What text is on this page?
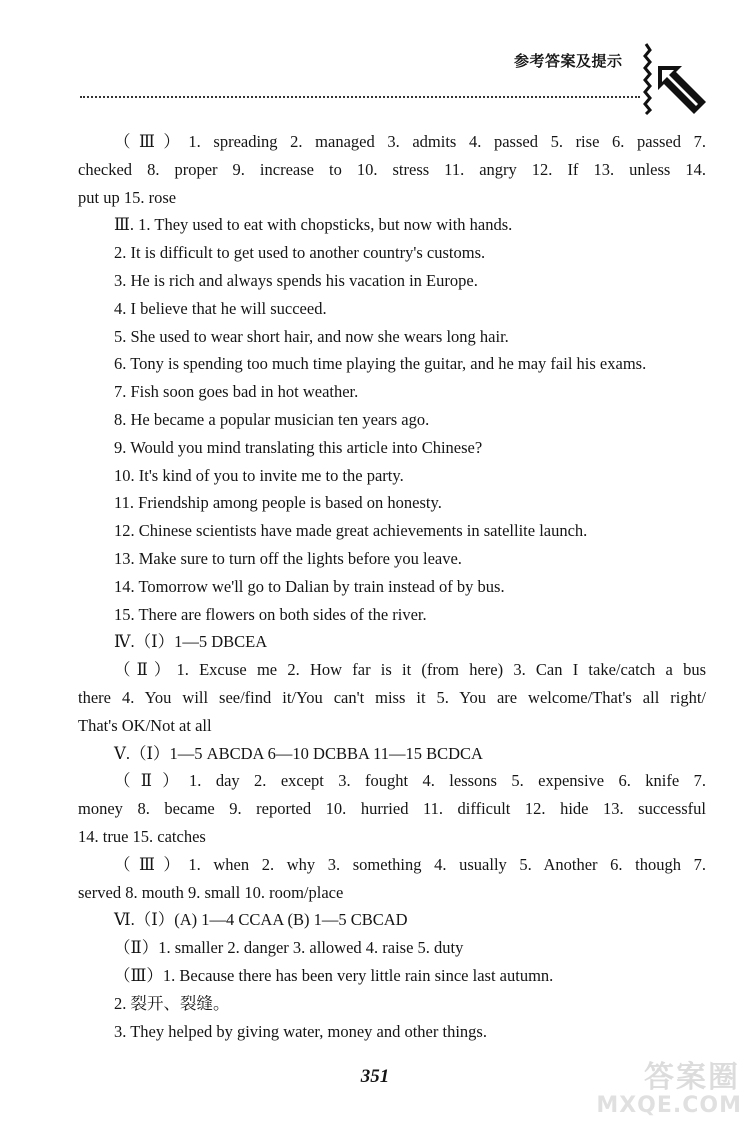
参考答案及提示

（Ⅲ）1. spreading 2. managed 3. admits 4. passed 5. rise 6. passed 7.

checked 8. proper 9. increase to 10. stress 11. angry 12. If 13. unless 14.

put up 15. rose

Ⅲ. 1. They used to eat with chopsticks, but now with hands.

2. It is difficult to get used to another country's customs.

3. He is rich and always spends his vacation in Europe.

4. I believe that he will succeed.

5. She used to wear short hair, and now she wears long hair.

6. Tony is spending too much time playing the guitar, and he may fail his exams.

7. Fish soon goes bad in hot weather.

8. He became a popular musician ten years ago.

9. Would you mind translating this article into Chinese?

10. It's kind of you to invite me to the party.

11. Friendship among people is based on honesty.

12. Chinese scientists have made great achievements in satellite launch.

13. Make sure to turn off the lights before you leave.

14. Tomorrow we'll go to Dalian by train instead of by bus.

15. There are flowers on both sides of the river.

Ⅳ.（Ⅰ）1—5 DBCEA

（Ⅱ）1. Excuse me 2. How far is it (from here) 3. Can I take/catch a bus

there 4. You will see/find it/You can't miss it 5. You are welcome/That's all right/

That's OK/Not at all

Ⅴ.（Ⅰ）1—5 ABCDA 6—10 DCBBA 11—15 BCDCA

（Ⅱ）1. day 2. except 3. fought 4. lessons 5. expensive 6. knife 7.

money 8. became 9. reported 10. hurried 11. difficult 12. hide 13. successful

14. true 15. catches

（Ⅲ）1. when 2. why 3. something 4. usually 5. Another 6. though 7.

served 8. mouth 9. small 10. room/place

Ⅵ.（Ⅰ）(A) 1—4 CCAA (B) 1—5 CBCAD

（Ⅱ）1. smaller 2. danger 3. allowed 4. raise 5. duty

（Ⅲ）1. Because there has been very little rain since last autumn.

2. 裂开、裂缝。

3. They helped by giving water, money and other things.

351	答案圈
MXQE.COM
